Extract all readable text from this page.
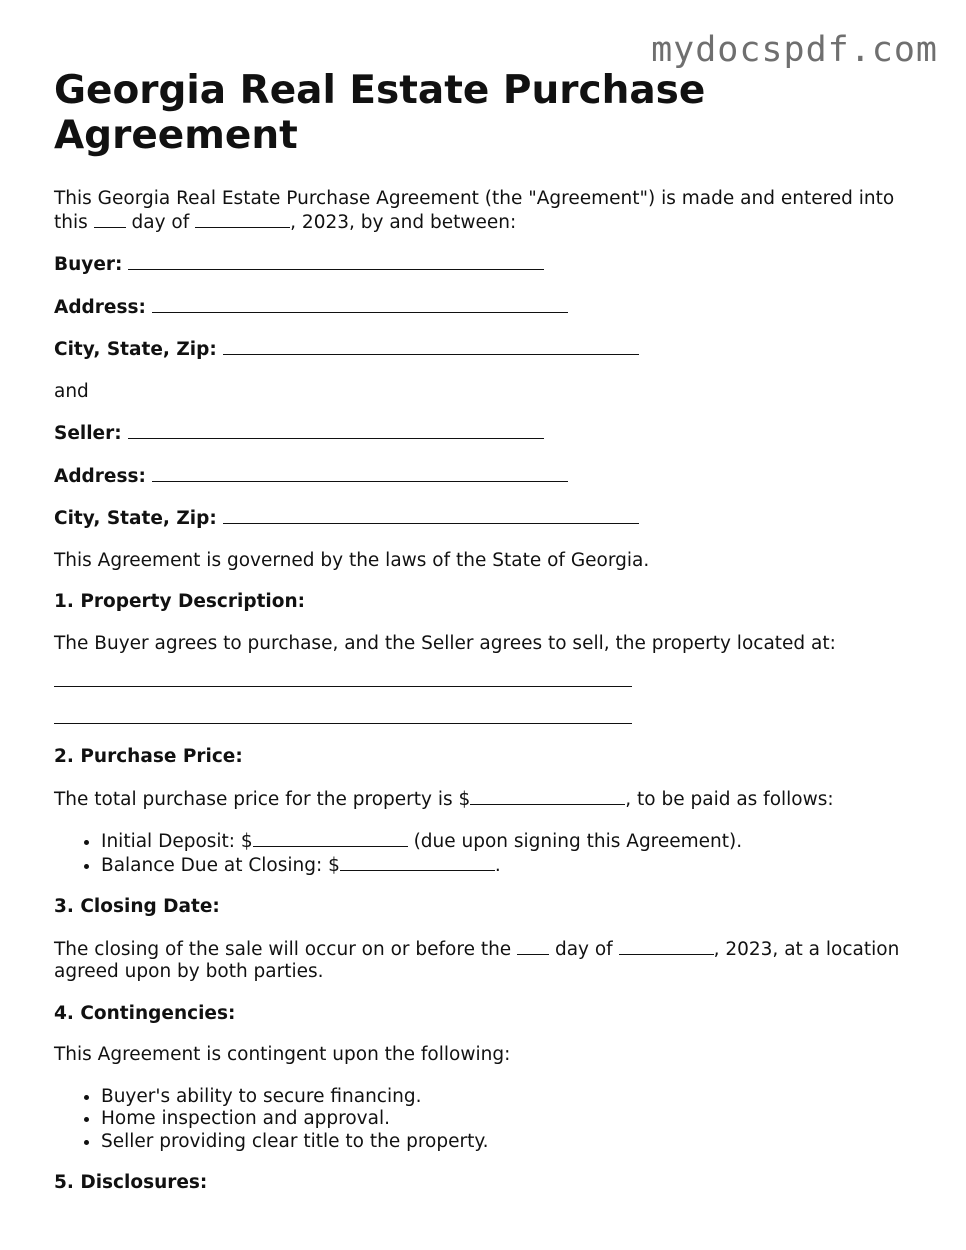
mydocspdf.com
Georgia Real Estate Purchase Agreement

This Georgia Real Estate Purchase Agreement (the "Agreement") is made and entered into

this  day of	, 2023, by and between:

Buyer:

Address:

City, State, Zip:

and

Seller:

Address:

City, State, Zip:

This Agreement is governed by the laws of the State of Georgia.

1. Property Description:

The Buyer agrees to purchase, and the Seller agrees to sell, the property located at:

2. Purchase Price:

The total purchase price for the property is $	, to be paid as follows:

• Initial Deposit: $	(due upon signing this Agreement).
• Balance Due at Closing: $	.

3. Closing Date:

The closing of the sale will occur on or before the  day of	, 2023, at a location

agreed upon by both parties.

4. Contingencies:

This Agreement is contingent upon the following:

• Buyer's ability to secure financing.
• Home inspection and approval.
• Seller providing clear title to the property.

5. Disclosures:
